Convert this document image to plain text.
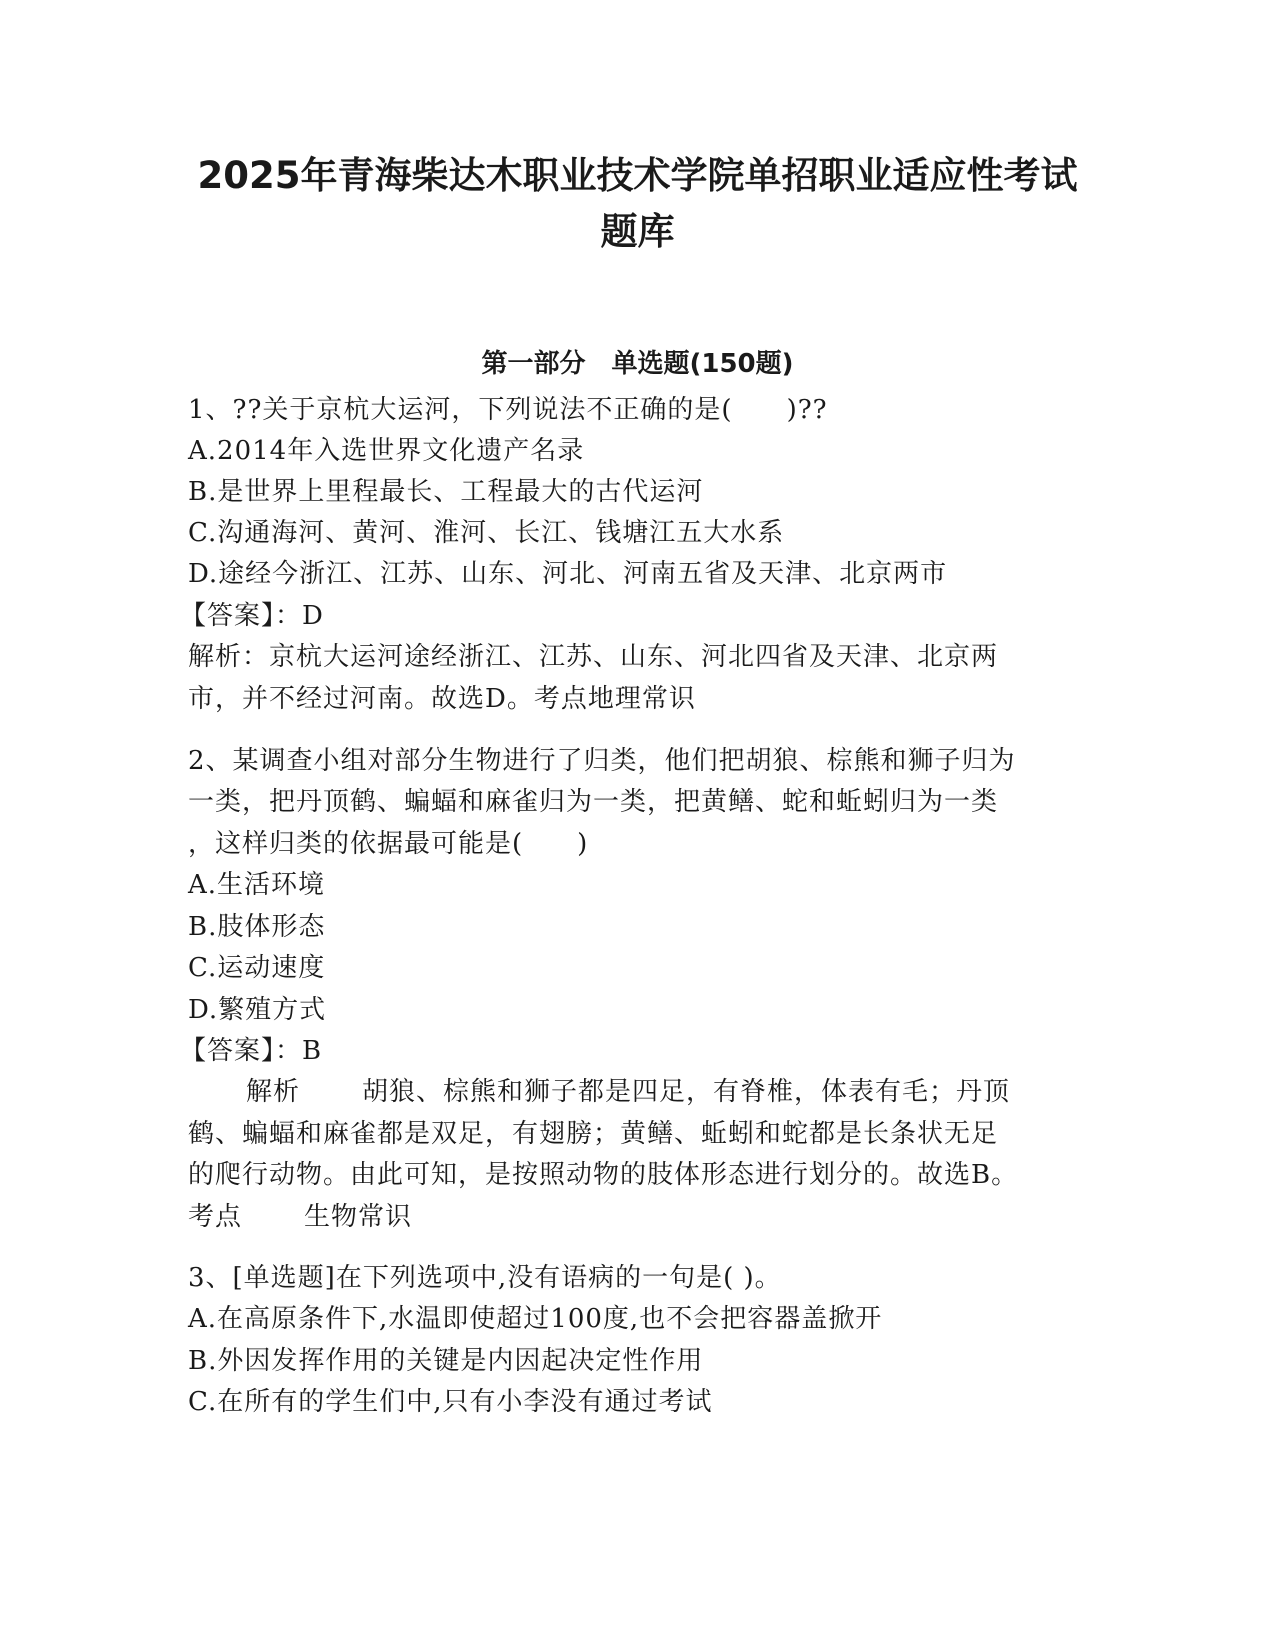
2025年青海柴达木职业技术学院单招职业适应性考试
题库
第一部分　单选题(150题)
1、??关于京杭大运河，下列说法不正确的是(　　)??
A.2014年入选世界文化遗产名录
B.是世界上里程最长、工程最大的古代运河
C.沟通海河、黄河、淮河、长江、钱塘江五大水系
D.途经今浙江、江苏、山东、河北、河南五省及天津、北京两市
【答案】：D
解析：京杭大运河途经浙江、江苏、山东、河北四省及天津、北京两
市，并不经过河南。故选D。考点地理常识
2、某调查小组对部分生物进行了归类，他们把胡狼、棕熊和狮子归为
一类，把丹顶鹤、蝙蝠和麻雀归为一类，把黄鳝、蛇和蚯蚓归为一类
，这样归类的依据最可能是(　　)
A.生活环境
B.肢体形态
C.运动速度
D.繁殖方式
【答案】：B
解析 胡狼、棕熊和狮子都是四足，有脊椎，体表有毛；丹顶
鹤、蝙蝠和麻雀都是双足，有翅膀；黄鳝、蚯蚓和蛇都是长条状无足
的爬行动物。由此可知，是按照动物的肢体形态进行划分的。故选B。
考点 生物常识
3、[单选题]在下列选项中,没有语病的一句是( )。
A.在高原条件下,水温即使超过100度,也不会把容器盖掀开
B.外因发挥作用的关键是内因起决定性作用
C.在所有的学生们中,只有小李没有通过考试
